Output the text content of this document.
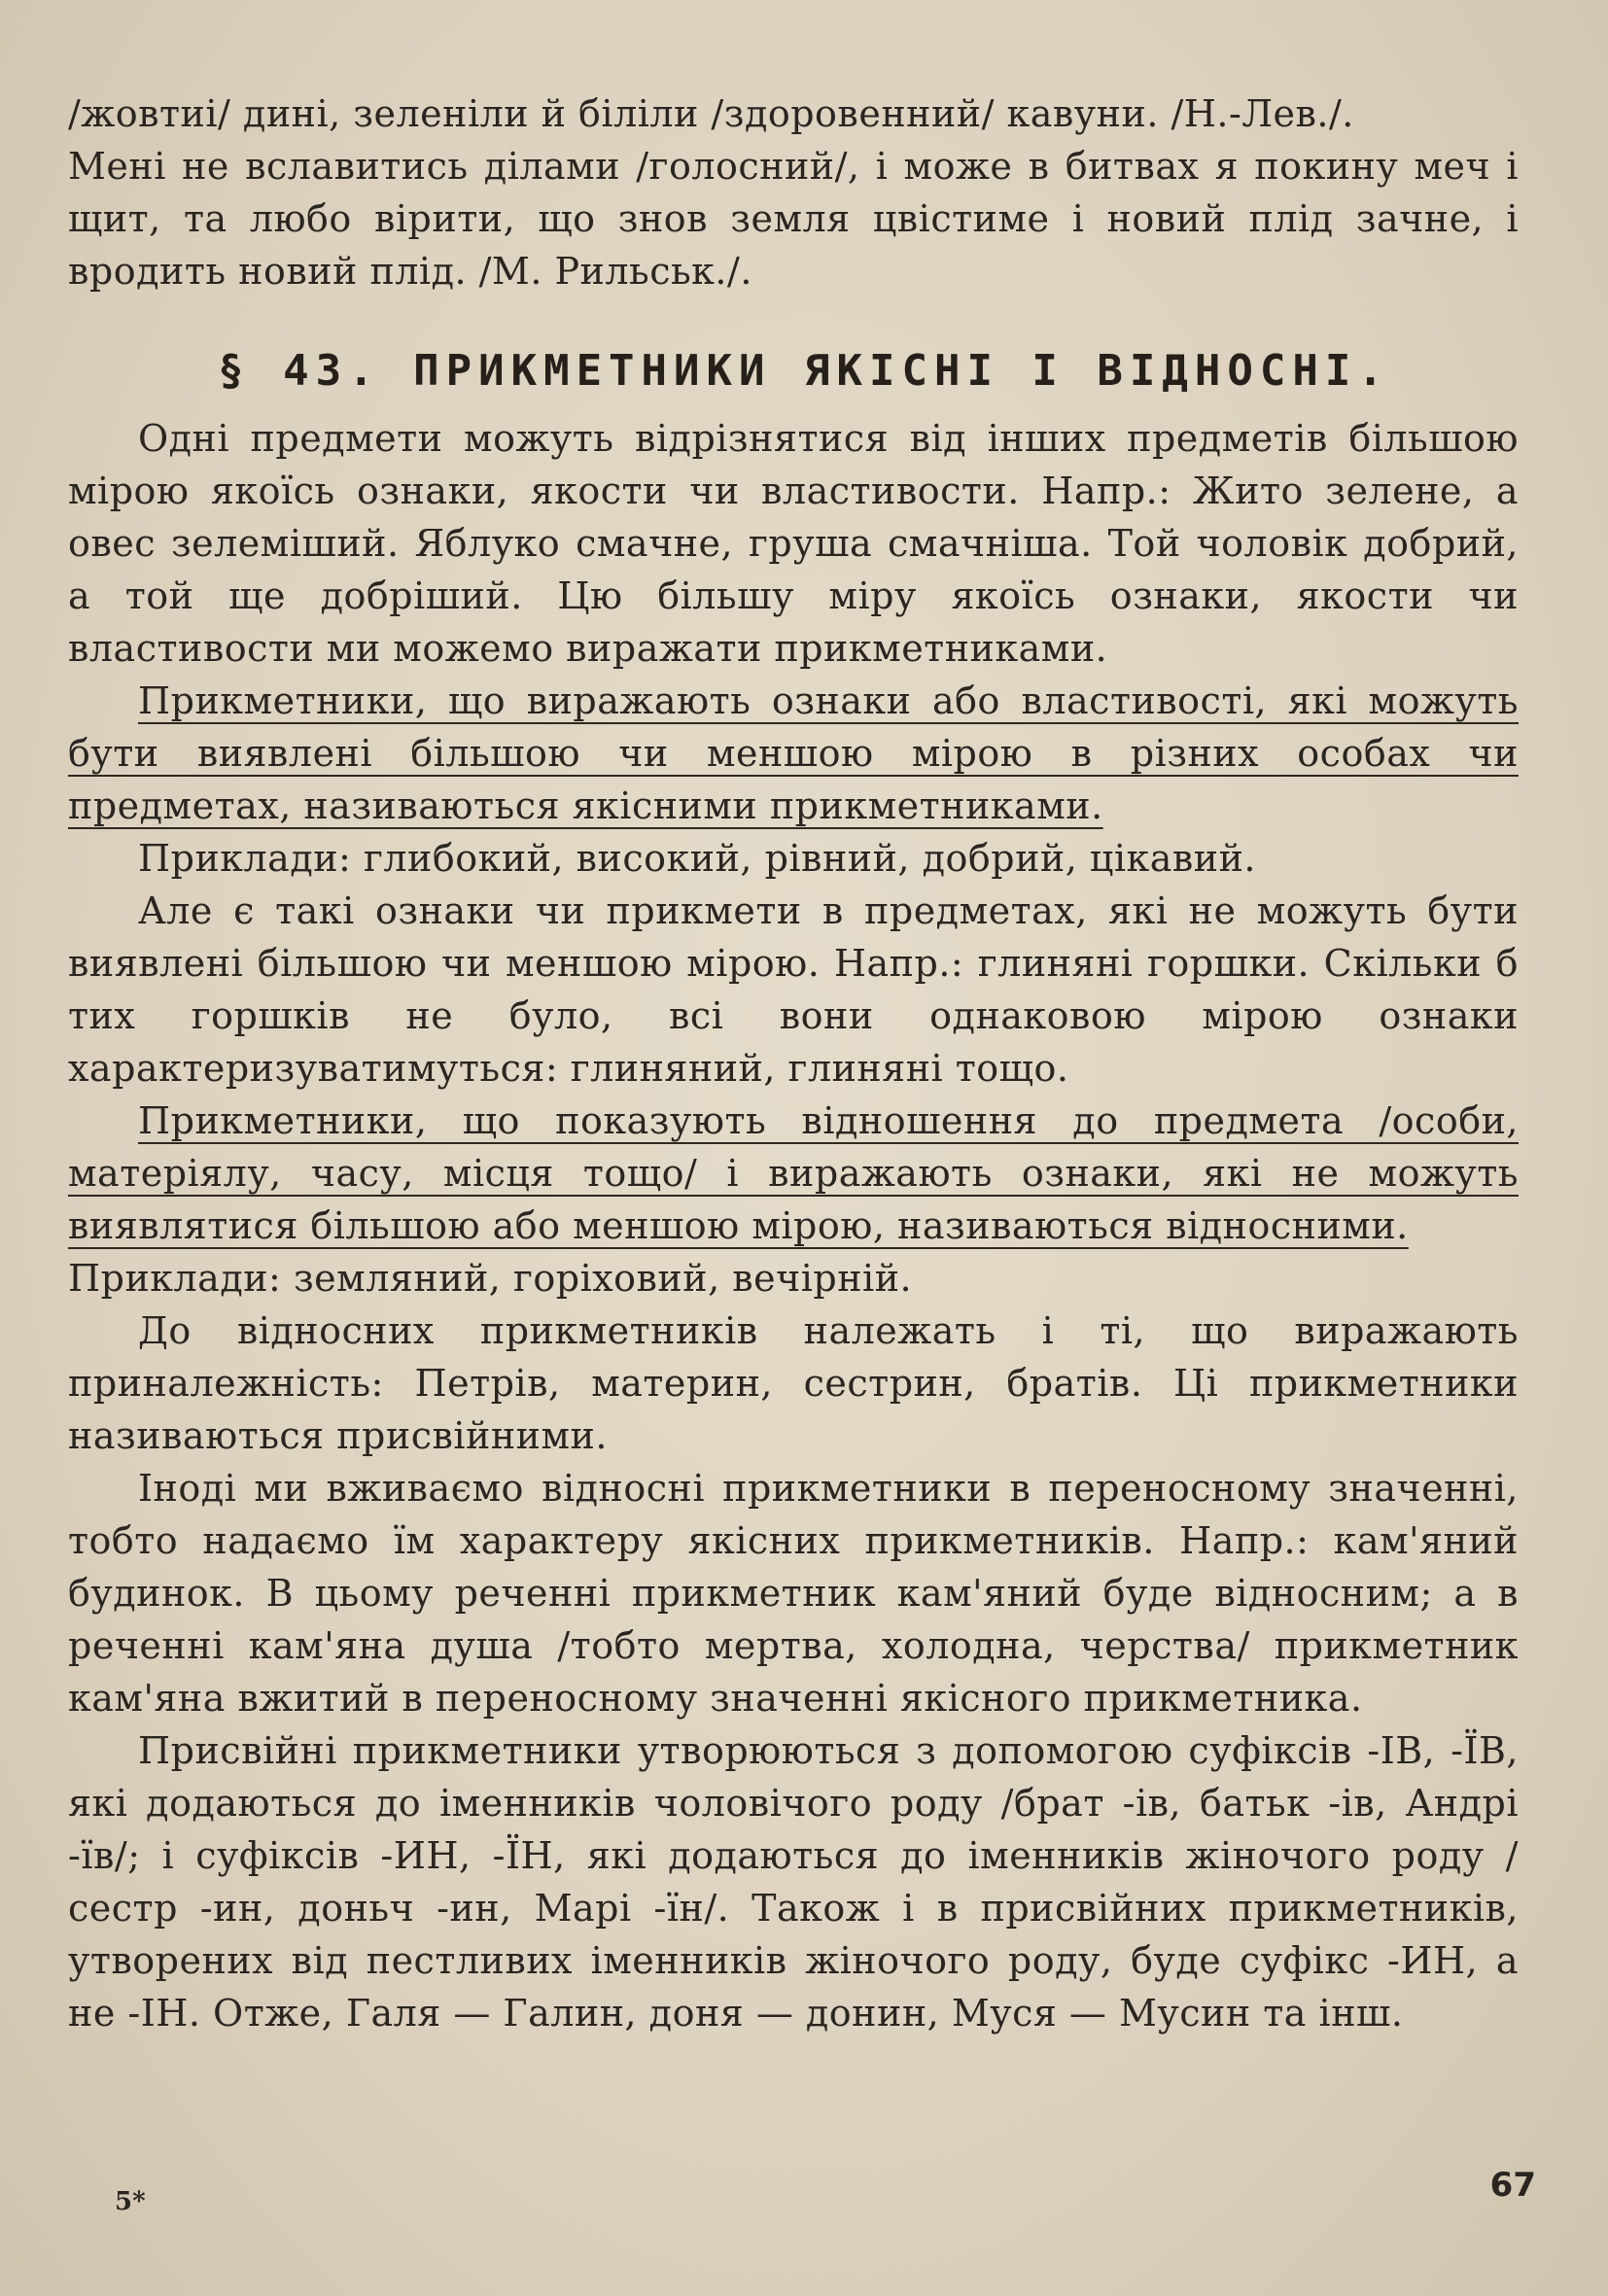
/жовтиі/ дині, зеленіли й біліли /здоровенний/ кавуни. /Н.-Лев./.

Мені не вславитись ділами /голосний/, і може в битвах я покину меч і щит, та любо вірити, що знов земля цвістиме і новий плід зачне, і вродить новий плід. /М. Рильськ./.

§ 43. ПРИКМЕТНИКИ ЯКІСНІ І ВІДНОСНІ.

Одні предмети можуть відрізнятися від інших предметів більшою мірою якоїсь ознаки, якости чи властивости. Напр.: Жито зелене, а овес зелеміший. Яблуко смачне, груша смачніша. Той чоловік добрий, а той ще добріший. Цю більшу міру якоїсь ознаки, якости чи властивости ми можемо виражати прикметниками.

Прикметники, що виражають ознаки або властивості, які можуть бути виявлені більшою чи меншою мірою в різних особах чи предметах, називаються якісними прикметниками.

Приклади: глибокий, високий, рівний, добрий, цікавий.

Але є такі ознаки чи прикмети в предметах, які не можуть бути виявлені більшою чи меншою мірою. Напр.: глиняні горшки. Скільки б тих горшків не було, всі вони однаковою мірою ознаки характеризуватимуться: глиняний, глиняні тощо.

Прикметники, що показують відношення до предмета /особи, матеріялу, часу, місця тощо/ і виражають ознаки, які не можуть виявлятися більшою або меншою мірою, називаються відносними.

Приклади: земляний, горіховий, вечірній.

До відносних прикметників належать і ті, що виражають приналежність: Петрів, материн, сестрин, братів. Ці прикметники називаються присвійними.

Іноді ми вживаємо відносні прикметники в переносному значенні, тобто надаємо їм характеру якісних прикметників. Напр.: кам'яний будинок. В цьому реченні прикметник кам'яний буде відносним; а в реченні кам'яна душа /тобто мертва, холодна, черства/ прикметник кам'яна вжитий в переносному значенні якісного прикметника.

Присвійні прикметники утворюються з допомогою суфіксів -ІВ, -ЇВ, які додаються до іменників чоловічого роду /брат -ів, батьк -ів, Андрі -їв/; і суфіксів -ИН, -ЇН, які додаються до іменників жіночого роду /сестр -ин, доньч -ин, Марі -їн/. Також і в присвійних прикметників, утворених від пестливих іменників жіночого роду, буде суфікс -ИН, а не -ІН. Отже, Галя — Галин, доня — донин, Муся — Мусин та інш.

5*	67
